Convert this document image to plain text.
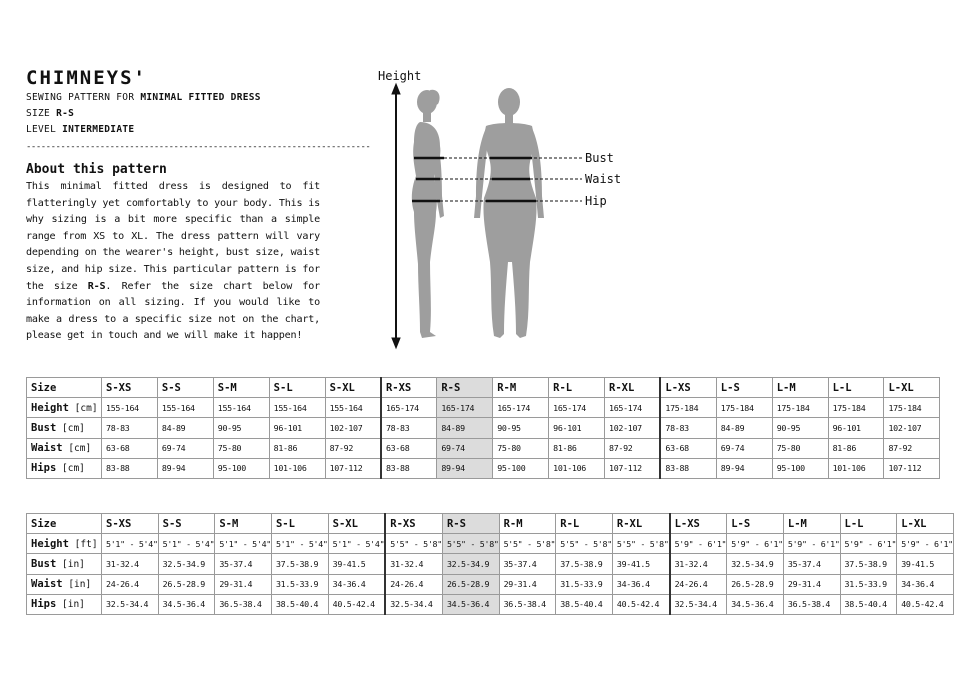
CHIMNEYS'
SEWING PATTERN FOR MINIMAL FITTED DRESS
SIZE R-S
LEVEL INTERMEDIATE
----------------------------------------------------------------------
About this pattern
This minimal fitted dress is designed to fit flatteringly yet comfortably to your body. This is why sizing is a bit more specific than a simple range from XS to XL. The dress pattern will vary depending on the wearer's height, bust size, waist size, and hip size. This particular pattern is for the size R-S. Refer the size chart below for information on all sizing. If you would like to make a dress to a specific size not on the chart, please get in touch and we will make it happen!
Height
Bust
Waist
Hip
Size	S-XS	S-S	S-M	S-L	S-XL	R-XS	R-S	R-M	R-L	R-XL	L-XS	L-S	L-M	L-L	L-XL
Height [cm]	155-164	155-164	155-164	155-164	155-164	165-174	165-174	165-174	165-174	165-174	175-184	175-184	175-184	175-184	175-184
Bust [cm]	78-83	84-89	90-95	96-101	102-107	78-83	84-89	90-95	96-101	102-107	78-83	84-89	90-95	96-101	102-107
Waist [cm]	63-68	69-74	75-80	81-86	87-92	63-68	69-74	75-80	81-86	87-92	63-68	69-74	75-80	81-86	87-92
Hips [cm]	83-88	89-94	95-100	101-106	107-112	83-88	89-94	95-100	101-106	107-112	83-88	89-94	95-100	101-106	107-112
Size	S-XS	S-S	S-M	S-L	S-XL	R-XS	R-S	R-M	R-L	R-XL	L-XS	L-S	L-M	L-L	L-XL
Height [ft]	5'1" - 5'4"	5'1" - 5'4"	5'1" - 5'4"	5'1" - 5'4"	5'1" - 5'4"	5'5" - 5'8"	5'5" - 5'8"	5'5" - 5'8"	5'5" - 5'8"	5'5" - 5'8"	5'9" - 6'1"	5'9" - 6'1"	5'9" - 6'1"	5'9" - 6'1"	5'9" - 6'1"
Bust [in]	31-32.4	32.5-34.9	35-37.4	37.5-38.9	39-41.5	31-32.4	32.5-34.9	35-37.4	37.5-38.9	39-41.5	31-32.4	32.5-34.9	35-37.4	37.5-38.9	39-41.5
Waist [in]	24-26.4	26.5-28.9	29-31.4	31.5-33.9	34-36.4	24-26.4	26.5-28.9	29-31.4	31.5-33.9	34-36.4	24-26.4	26.5-28.9	29-31.4	31.5-33.9	34-36.4
Hips [in]	32.5-34.4	34.5-36.4	36.5-38.4	38.5-40.4	40.5-42.4	32.5-34.4	34.5-36.4	36.5-38.4	38.5-40.4	40.5-42.4	32.5-34.4	34.5-36.4	36.5-38.4	38.5-40.4	40.5-42.4
